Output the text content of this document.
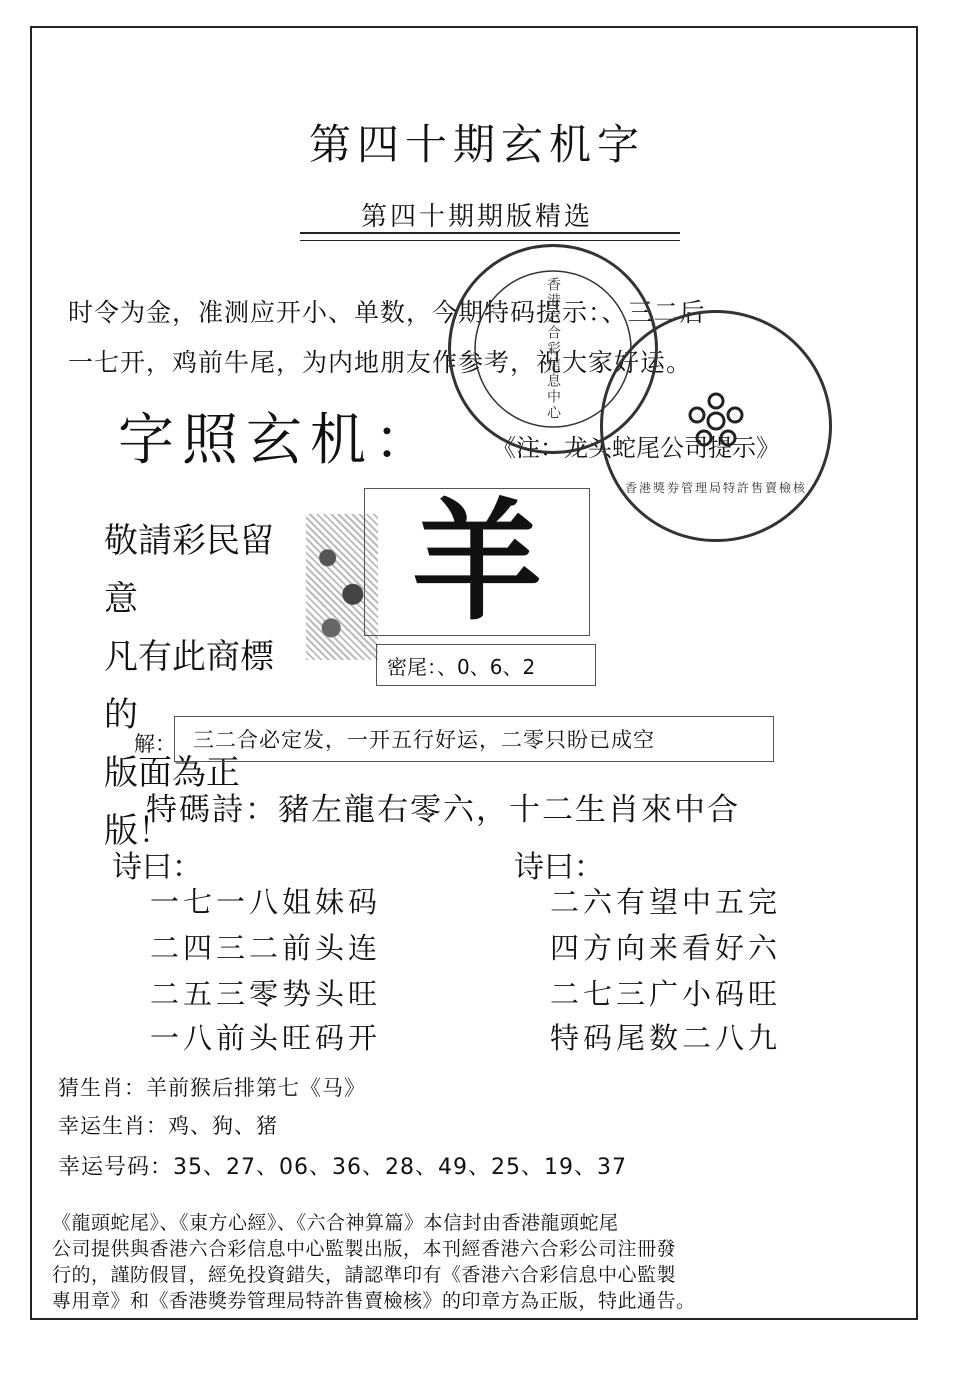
第四十期玄机字
第四十期期版精选
时令为金，准测应开小、单数，今期特码提示：、三二后
一七开，鸡前牛尾，为内地朋友作参考，祝大家好运。
字照玄机： 《注：龙头蛇尾公司提示》
香港六合彩信息中心
香港獎券管理局特許售賣檢核
敬請彩民留意
凡有此商標的
版面為正版！
羊
密尾：、0、6、2
解： 三二合必定发，一开五行好运，二零只盼已成空
特碼詩：豬左龍右零六，十二生肖來中合
诗曰：
一七一八姐妹码
二四三二前头连
二五三零势头旺
一八前头旺码开
诗曰：
二六有望中五完
四方向来看好六
二七三广小码旺
特码尾数二八九
猜生肖：羊前猴后排第七《马》
幸运生肖：鸡、狗、猪
幸运号码：35、27、06、36、28、49、25、19、37
《龍頭蛇尾》、《東方心經》、《六合神算篇》本信封由香港龍頭蛇尾
公司提供與香港六合彩信息中心監製出版，本刊經香港六合彩公司注冊發
行的，謹防假冒，經免投資錯失，請認準印有《香港六合彩信息中心監製
專用章》和《香港獎券管理局特許售賣檢核》的印章方為正版，特此通告。
